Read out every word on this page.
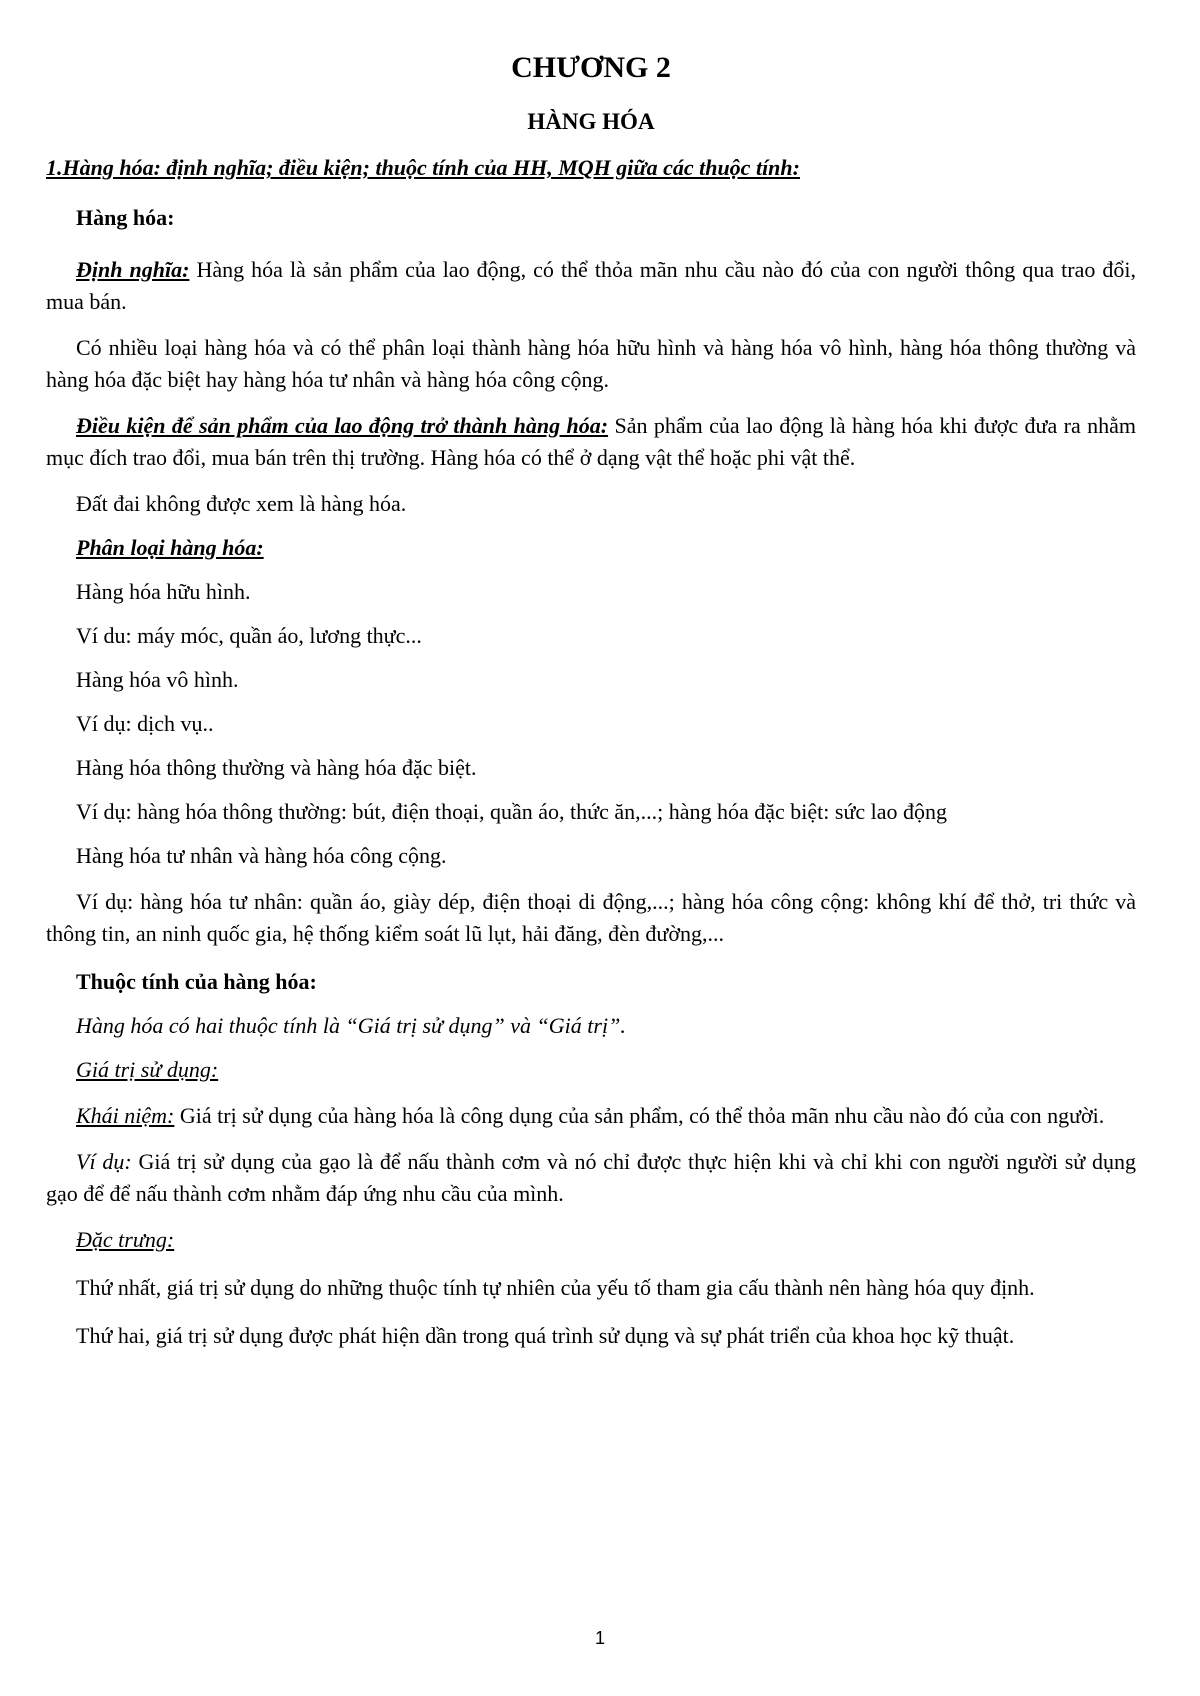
CHƯƠNG 2
HÀNG HÓA

1.Hàng hóa: định nghĩa; điều kiện; thuộc tính của HH, MQH giữa các thuộc tính:

Hàng hóa:

Định nghĩa: Hàng hóa là sản phẩm của lao động, có thể thỏa mãn nhu cầu nào đó của con người thông qua trao đổi, mua bán.

Có nhiều loại hàng hóa và có thể phân loại thành hàng hóa hữu hình và hàng hóa vô hình, hàng hóa thông thường và hàng hóa đặc biệt hay hàng hóa tư nhân và hàng hóa công cộng.

Điều kiện để sản phẩm của lao động trở thành hàng hóa: Sản phẩm của lao động là hàng hóa khi được đưa ra nhằm mục đích trao đổi, mua bán trên thị trường. Hàng hóa có thể ở dạng vật thể hoặc phi vật thể.

Đất đai không được xem là hàng hóa.

Phân loại hàng hóa:

Hàng hóa hữu hình.

Ví du: máy móc, quần áo, lương thực...

Hàng hóa vô hình.

Ví dụ: dịch vụ..

Hàng hóa thông thường và hàng hóa đặc biệt.

Ví dụ: hàng hóa thông thường: bút, điện thoại, quần áo, thức ăn,...; hàng hóa đặc biệt: sức lao động

Hàng hóa tư nhân và hàng hóa công cộng.

Ví dụ: hàng hóa tư nhân: quần áo, giày dép, điện thoại di động,...; hàng hóa công cộng: không khí để thở, tri thức và thông tin, an ninh quốc gia, hệ thống kiểm soát lũ lụt, hải đăng, đèn đường,...

Thuộc tính của hàng hóa:

Hàng hóa có hai thuộc tính là “Giá trị sử dụng” và “Giá trị”.

Giá trị sử dụng:

Khái niệm: Giá trị sử dụng của hàng hóa là công dụng của sản phẩm, có thể thỏa mãn nhu cầu nào đó của con người.

Ví dụ: Giá trị sử dụng của gạo là để nấu thành cơm và nó chỉ được thực hiện khi và chỉ khi con người người sử dụng gạo để để nấu thành cơm nhằm đáp ứng nhu cầu của mình.

Đặc trưng:

Thứ nhất, giá trị sử dụng do những thuộc tính tự nhiên của yếu tố tham gia cấu thành nên hàng hóa quy định.

Thứ hai, giá trị sử dụng được phát hiện dần trong quá trình sử dụng và sự phát triển của khoa học kỹ thuật.

1
